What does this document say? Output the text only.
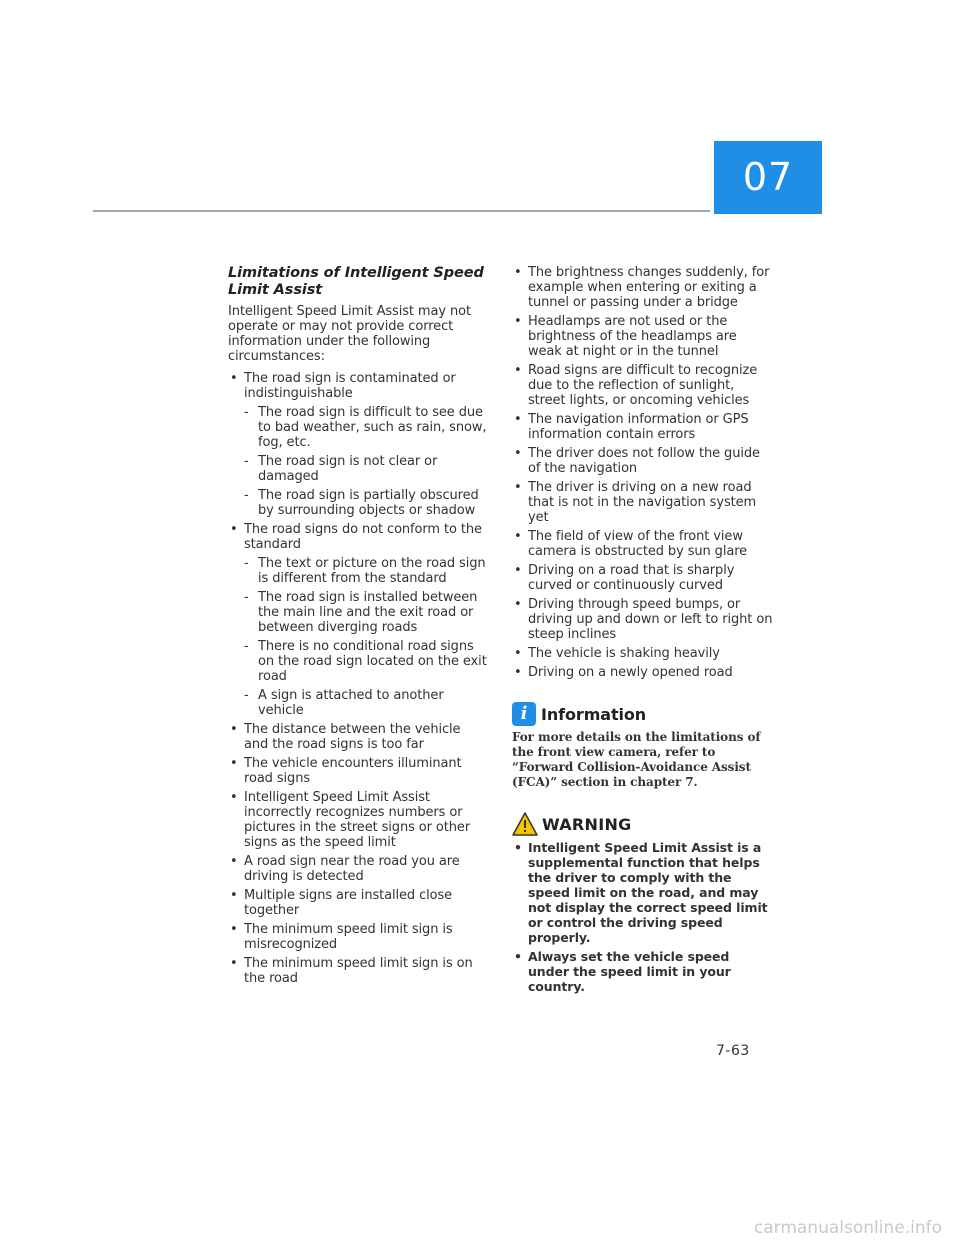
07
Limitations of Intelligent Speed Limit Assist

Intelligent Speed Limit Assist may not operate or may not provide correct information under the following circumstances:

• The road sign is contaminated or indistinguishable
- The road sign is difficult to see due to bad weather, such as rain, snow, fog, etc.
- The road sign is not clear or damaged
- The road sign is partially obscured by surrounding objects or shadow
• The road signs do not conform to the standard
- The text or picture on the road sign is different from the standard
- The road sign is installed between the main line and the exit road or between diverging roads
- There is no conditional road signs on the road sign located on the exit road
- A sign is attached to another vehicle
• The distance between the vehicle and the road signs is too far
• The vehicle encounters illuminant road signs
• Intelligent Speed Limit Assist incorrectly recognizes numbers or pictures in the street signs or other signs as the speed limit
• A road sign near the road you are driving is detected
• Multiple signs are installed close together
• The minimum speed limit sign is misrecognized
• The minimum speed limit sign is on the road
• The brightness changes suddenly, for example when entering or exiting a tunnel or passing under a bridge
• Headlamps are not used or the brightness of the headlamps are weak at night or in the tunnel
• Road signs are difficult to recognize due to the reflection of sunlight, street lights, or oncoming vehicles
• The navigation information or GPS information contain errors
• The driver does not follow the guide of the navigation
• The driver is driving on a new road that is not in the navigation system yet
• The field of view of the front view camera is obstructed by sun glare
• Driving on a road that is sharply curved or continuously curved
• Driving through speed bumps, or driving up and down or left to right on steep inclines
• The vehicle is shaking heavily
• Driving on a newly opened road
i Information

For more details on the limitations of the front view camera, refer to “Forward Collision-Avoidance Assist (FCA)” section in chapter 7.

WARNING
• Intelligent Speed Limit Assist is a supplemental function that helps the driver to comply with the speed limit on the road, and may not display the correct speed limit or control the driving speed properly.
• Always set the vehicle speed under the speed limit in your country.
7-63
carmanualsonline.info
